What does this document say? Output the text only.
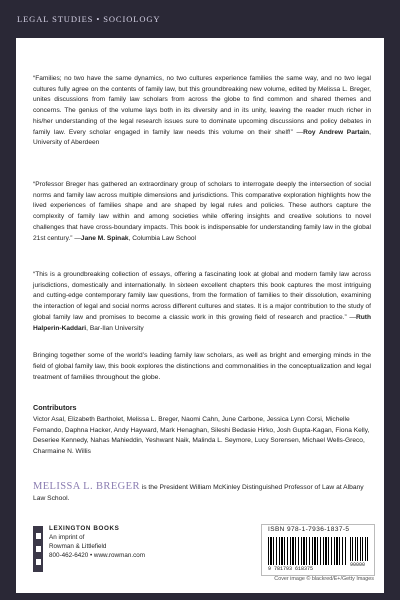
LEGAL STUDIES • SOCIOLOGY

“Families; no two have the same dynamics, no two cultures experience families the same way, and no two legal cultures fully agree on the contents of family law, but this groundbreaking new volume, edited by Melissa L. Breger, unites discussions from family law scholars from across the globe to find common and shared themes and concerns. The genius of the volume lays both in its diversity and in its unity, leaving the reader much richer in his/her understanding of the legal research issues sure to dominate upcoming discussions and policy debates in family law. Every scholar engaged in family law needs this volume on their shelf!” —Roy Andrew Partain, University of Aberdeen

“Professor Breger has gathered an extraordinary group of scholars to interrogate deeply the intersection of social norms and family law across multiple dimensions and jurisdictions. This comparative exploration highlights how the lived experiences of families shape and are shaped by legal rules and policies. These authors capture the complexity of family law within and among societies while offering insights and creative solutions to novel challenges that have cross-boundary impacts. This book is indispensable for understanding family law in the global 21st century.” —Jane M. Spinak, Columbia Law School

“This is a groundbreaking collection of essays, offering a fascinating look at global and modern family law across jurisdictions, domestically and internationally. In sixteen excellent chapters this book captures the most intriguing and cutting-edge contemporary family law questions, from the formation of families to their dissolution, examining the interaction of legal and social norms across different cultures and states. It is a major contribution to the study of global family law and promises to become a classic work in this growing field of research and practice.” —Ruth Halperin-Kaddari, Bar-Ilan University

Bringing together some of the world’s leading family law scholars, as well as bright and emerging minds in the field of global family law, this book explores the distinctions and commonalities in the conceptualization and legal treatment of families throughout the globe.

Contributors

Victor Asal, Elizabeth Bartholet, Melissa L. Breger, Naomi Cahn, June Carbone, Jessica Lynn Corsi, Michelle Fernando, Daphna Hacker, Andy Hayward, Mark Henaghan, Sileshi Bedasie Hirko, Josh Gupta-Kagan, Fiona Kelly, Deseriee Kennedy, Nahas Mahieddin, Yeshwant Naik, Malinda L. Seymore, Lucy Sorensen, Michael Wells-Greco, Charmaine N. Willis

MELISSA L. BREGER is the President William McKinley Distinguished Professor of Law at Albany Law School.

LEXINGTON BOOKS
An imprint of
Rowman & Littlefield
800-462-6420 • www.rowman.com
ISBN 978-1-7936-1837-5
9 781793 618375
90000

Cover image © blackred/E+/Getty Images
